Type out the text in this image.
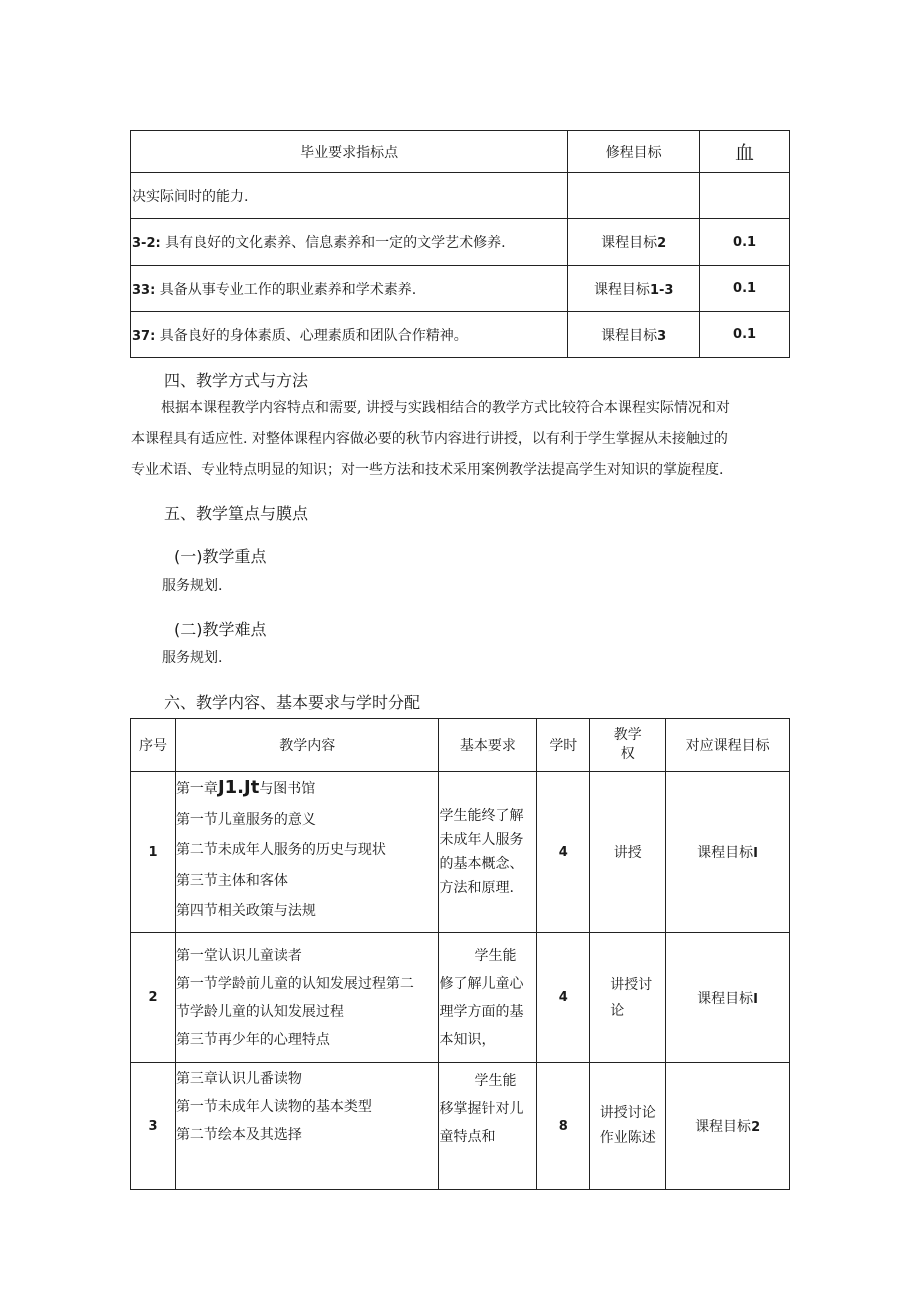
毕业要求指标点	修程目标	血
决实际间时的能力.		
3-2: 具有良好的文化素养、信息素养和一定的文学艺术修养.	课程目标2	0.1
33: 具备从事专业工作的职业素养和学术素养.	课程目标1-3	0.1
37: 具备良好的身体素质、心理素质和团队合作精神。	课程目标3	0.1
四、教学方式与方法
根据本课程教学内容特点和需要, 讲授与实践相结合的教学方式比较符合本课程实际情况和对
本课程具有适应性. 对整体课程内容做必要的秋节内容进行讲授，以有利于学生掌握从未接触过的
专业术语、专业特点明显的知识；对一些方法和技术采用案例教学法提高学生对知识的掌旋程度.
五、教学篁点与膜点
(一)教学重点
服务规划.
(二)教学难点
服务规划.
六、教学内容、基本要求与学时分配
序号	教学内容	基本要求	学时	教学
权	对应课程目标
1	第一章J1.Jt与图书馆
第一节儿童服务的意义
第二节未成年人服务的历史与现状
第三节主体和客体
第四节相关政策与法规	学生能终了解
未成年人服务
的基本概念、
方法和原理.	4	讲授	课程目标I
2	第一堂认识儿童读者
第一节学龄前儿童的认知发展过程第二
节学龄儿童的认知发展过程
第三节再少年的心理特点	学生能
修了解儿童心
理学方面的基
本知识，	4	讲授讨
论	课程目标I
3	第三章认识儿番读物
第一节未成年人读物的基本类型
第二节绘本及其选择	学生能
移掌握针对儿
童特点和	8	讲授讨论
作业陈述	课程目标2
